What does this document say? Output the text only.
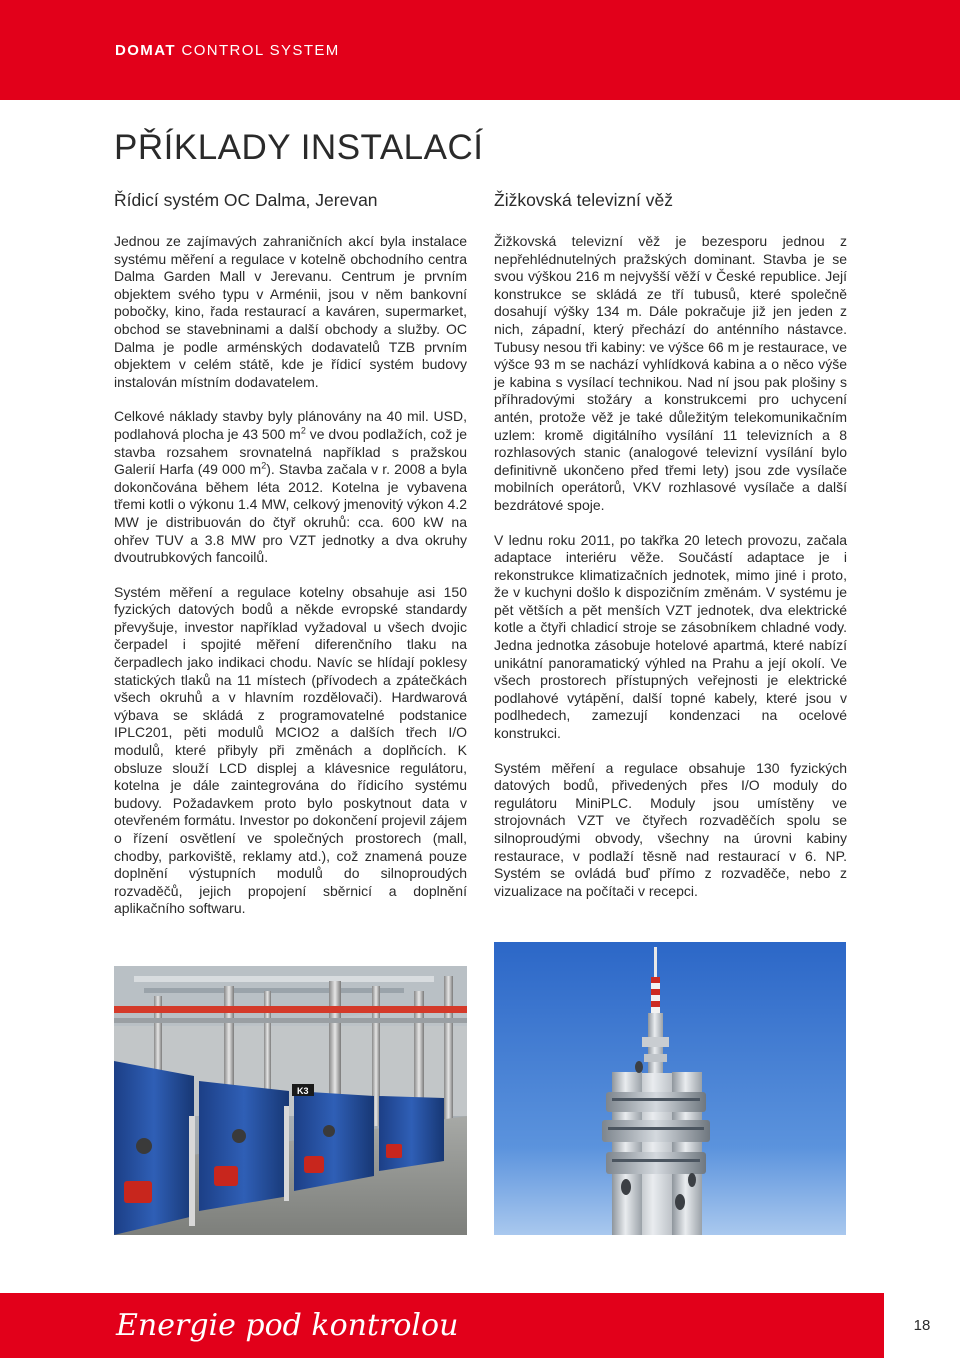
DOMAT CONTROL SYSTEM
PŘÍKLADY INSTALACÍ
Řídicí systém OC Dalma, Jerevan

Jednou ze zajímavých zahraničních akcí byla instalace systému měření a regulace v kotelně obchodního centra Dalma Garden Mall v Jerevanu. Centrum je prvním objektem svého typu v Arménii, jsou v něm bankovní pobočky, kino, řada restaurací a kaváren, supermarket, obchod se stavebninami a další obchody a služby. OC Dalma je podle arménských dodavatelů TZB prvním objektem v celém státě, kde je řídicí systém budovy instalován místním dodavatelem.

Celkové náklady stavby byly plánovány na 40 mil. USD, podlahová plocha je 43 500 $m^2$ ve dvou podlažích, což je stavba rozsahem srovnatelná například s pražskou Galerií Harfa (49 000 $m^2$). Stavba začala v r. 2008 a byla dokončována během léta 2012. Kotelna je vybavena třemi kotli o výkonu 1.4 MW, celkový jmenovitý výkon 4.2 MW je distribuován do čtyř okruhů: cca. 600 kW na ohřev TUV a 3.8 MW pro VZT jednotky a dva okruhy dvoutrubkových fancoilů.

Systém měření a regulace kotelny obsahuje asi 150 fyzických datových bodů a někde evropské standardy převyšuje, investor například vyžadoval u všech dvojic čerpadel i spojité měření diferenčního tlaku na čerpadlech jako indikaci chodu. Navíc se hlídají poklesy statických tlaků na 11 místech (přívodech a zpátečkách všech okruhů a v hlavním rozdělovači). Hardwarová výbava se skládá z programovatelné podstanice IPLC201, pěti modulů MCIO2 a dalších třech I/O modulů, které přibyly při změnách a doplňcích. K obsluze slouží LCD displej a klávesnice regulátoru, kotelna je dále zaintegrována do řídicího systému budovy. Požadavkem proto bylo poskytnout data v otevřeném formátu. Investor po dokončení projevil zájem o řízení osvětlení ve společných prostorech (mall, chodby, parkoviště, reklamy atd.), což znamená pouze doplnění výstupních modulů do silnoproudých rozvaděčů, jejich propojení sběrnicí a doplnění aplikačního softwaru.

Žižkovská televizní věž

Žižkovská televizní věž je bezesporu jednou z nepřehlédnutelných pražských dominant. Stavba je se svou výškou 216 m nejvyšší věží v České republice. Její konstrukce se skládá ze tří tubusů, které společně dosahují výšky 134 m. Dále pokračuje již jen jeden z nich, západní, který přechází do anténního nástavce. Tubusy nesou tři kabiny: ve výšce 66 m je restaurace, ve výšce 93 m se nachází vyhlídková kabina a o něco výše je kabina s vysílací technikou. Nad ní jsou pak plošiny s příhradovými stožáry a konstrukcemi pro uchycení antén, protože věž je také důležitým telekomunikačním uzlem: kromě digitálního vysílání 11 televizních a 8 rozhlasových stanic (analogové televizní vysílání bylo definitivně ukončeno před třemi lety) jsou zde vysílače mobilních operátorů, VKV rozhlasové vysílače a další bezdrátové spoje.

V lednu roku 2011, po takřka 20 letech provozu, začala adaptace interiéru věže. Součástí adaptace je i rekonstrukce klimatizačních jednotek, mimo jiné i proto, že v kuchyni došlo k dispozičním změnám. V systému je pět větších a pět menších VZT jednotek, dva elektrické kotle a čtyři chladicí stroje se zásobníkem chladné vody. Jedna jednotka zásobuje hotelové apartmá, které nabízí unikátní panoramatický výhled na Prahu a její okolí. Ve všech prostorech přístupných veřejnosti je elektrické podlahové vytápění, další topné kabely, které jsou v podlhedech, zamezují kondenzaci na ocelové konstrukci.

Systém měření a regulace obsahuje 130 fyzických datových bodů, přivedených přes I/O moduly do regulátoru MiniPLC. Moduly jsou umístěny ve strojovnách VZT ve čtyřech rozvaděčích spolu se silnoproudými obvody, všechny na úrovni kabiny restaurace, v podlaží těsně nad restaurací v 6. NP. Systém se ovládá buď přímo z rozvaděče, nebo z vizualizace na počítači v recepci.

K3
Energie pod kontrolou	18
